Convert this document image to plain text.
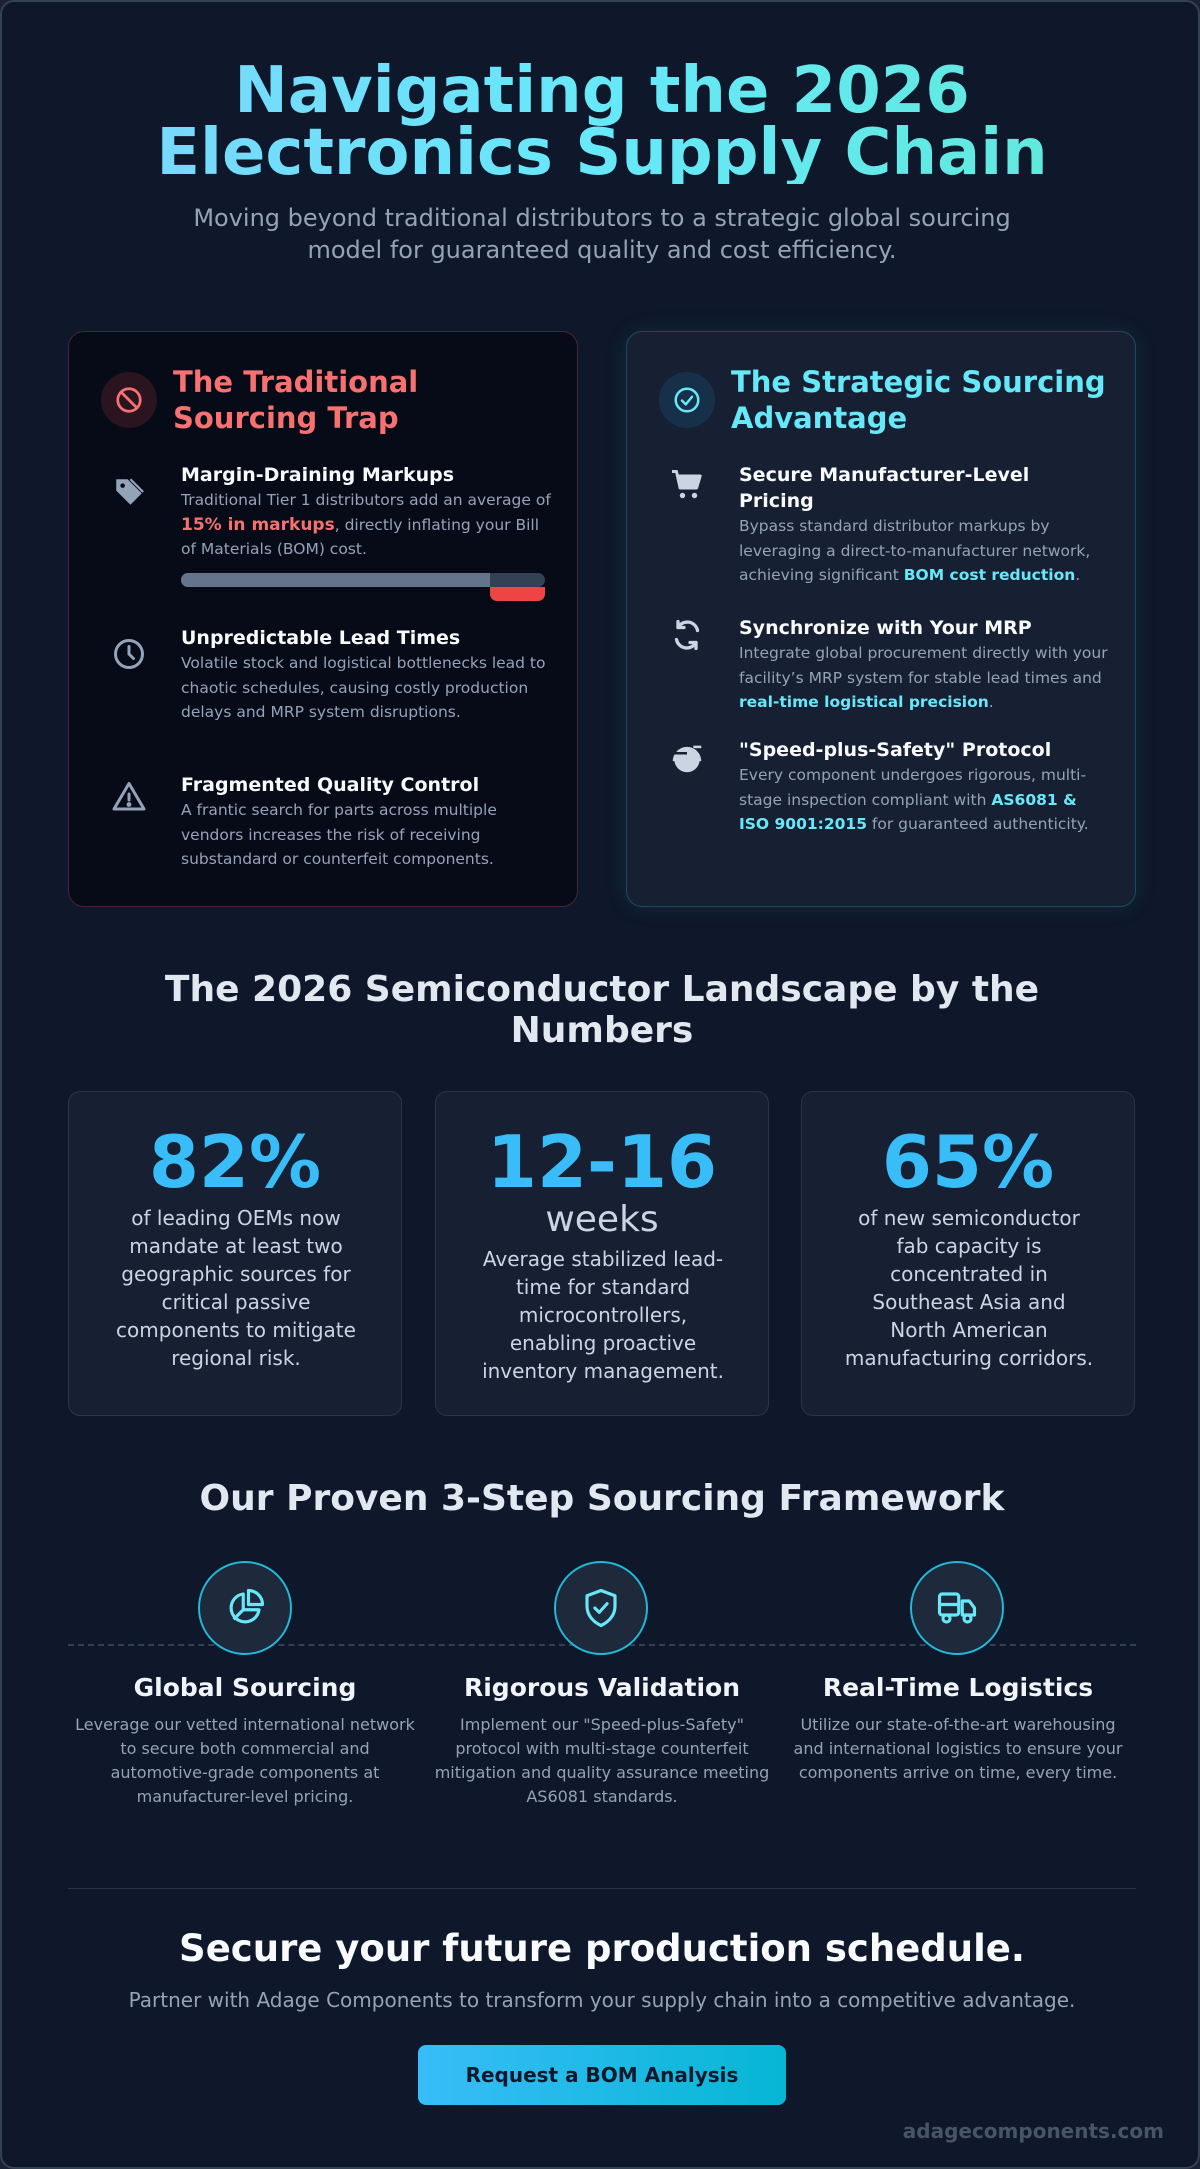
Navigating the 2026
Electronics Supply Chain

Moving beyond traditional distributors to a strategic global sourcing model for guaranteed quality and cost efficiency.

The Traditional Sourcing Trap
Margin-Draining Markups
Traditional Tier 1 distributors add an average of 15% in markups, directly inflating your Bill of Materials (BOM) cost.
Unpredictable Lead Times
Volatile stock and logistical bottlenecks lead to chaotic schedules, causing costly production delays and MRP system disruptions.
Fragmented Quality Control
A frantic search for parts across multiple vendors increases the risk of receiving substandard or counterfeit components.
The Strategic Sourcing Advantage
Secure Manufacturer-Level Pricing
Bypass standard distributor markups by leveraging a direct-to-manufacturer network, achieving significant BOM cost reduction.
Synchronize with Your MRP
Integrate global procurement directly with your facility’s MRP system for stable lead times and real-time logistical precision.
"Speed-plus-Safety" Protocol
Every component undergoes rigorous, multi-stage inspection compliant with AS6081 & ISO 9001:2015 for guaranteed authenticity.
The 2026 Semiconductor Landscape by the Numbers
82%
of leading OEMs now mandate at least two geographic sources for critical passive components to mitigate regional risk.
12-16
weeks
Average stabilized lead-time for standard microcontrollers, enabling proactive inventory management.
65%
of new semiconductor fab capacity is concentrated in Southeast Asia and North American manufacturing corridors.
Our Proven 3-Step Sourcing Framework
Global Sourcing
Leverage our vetted international network to secure both commercial and automotive-grade components at manufacturer-level pricing.
Rigorous Validation
Implement our "Speed-plus-Safety" protocol with multi-stage counterfeit mitigation and quality assurance meeting AS6081 standards.
Real-Time Logistics
Utilize our state-of-the-art warehousing and international logistics to ensure your components arrive on time, every time.
Secure your future production schedule.

Partner with Adage Components to transform your supply chain into a competitive advantage.

Request a BOM Analysis
adagecomponents.com
